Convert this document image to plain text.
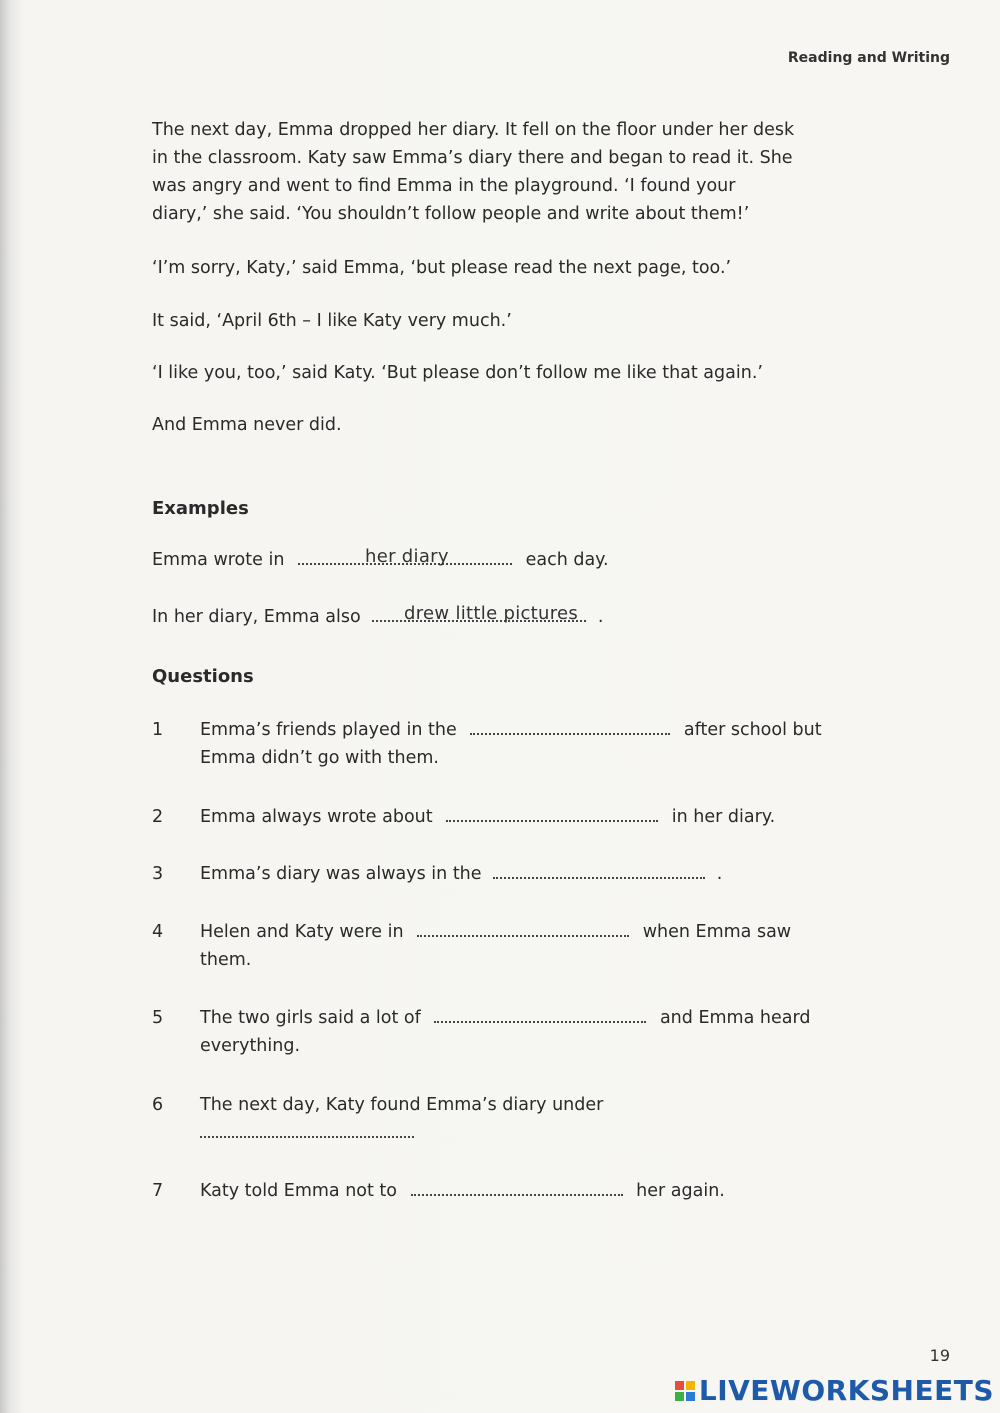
Reading and Writing

The next day, Emma dropped her diary. It fell on the floor under her desk

in the classroom. Katy saw Emma’s diary there and began to read it. She

was angry and went to find Emma in the playground. ‘I found your

diary,’ she said. ‘You shouldn’t follow people and write about them!’

‘I’m sorry, Katy,’ said Emma, ‘but please read the next page, too.’
It said, ‘April 6th – I like Katy very much.’
‘I like you, too,’ said Katy. ‘But please don’t follow me like that again.’
And Emma never did.
Examples
Emma wrote in	each day.
her diary
In her diary, Emma also	.
drew little pictures
Questions
1	Emma’s friends played in the	after school but
Emma didn’t go with them.
2	Emma always wrote about	in her diary.
3	Emma’s diary was always in the	.
4	Helen and Katy were in	when Emma saw
them.
5	The two girls said a lot of	and Emma heard
everything.
6	The next day, Katy found Emma’s diary under

7	Katy told Emma not to	her again.
19
LIVEWORKSHEETS
